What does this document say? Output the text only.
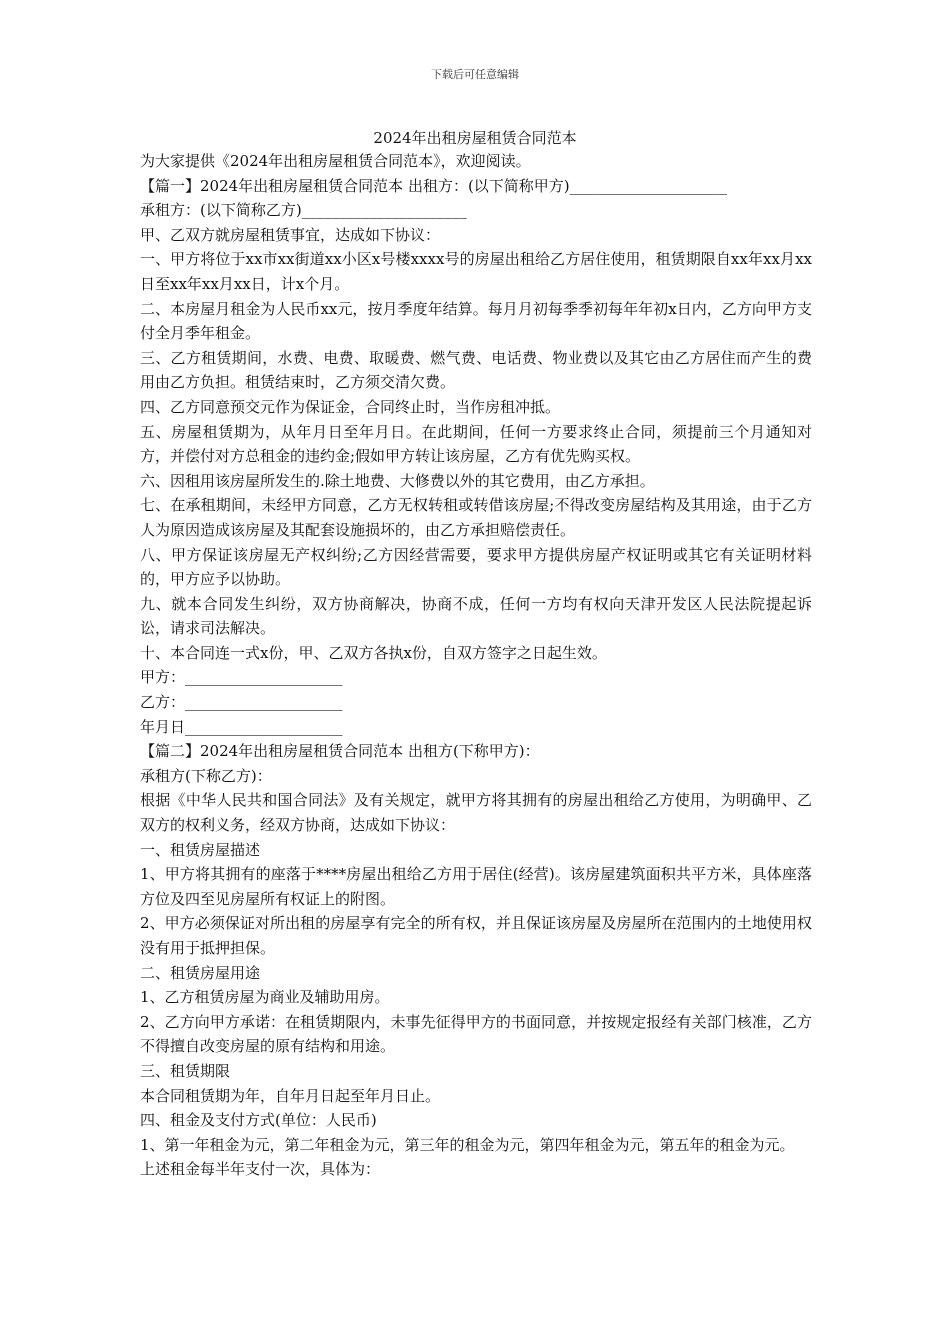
下载后可任意编辑
2024年出租房屋租赁合同范本

为大家提供《2024年出租房屋租赁合同范本》，欢迎阅读。

【篇一】2024年出租房屋租赁合同范本 出租方：(以下简称甲方)_____________________

承租方：(以下简称乙方)______________________

甲、乙双方就房屋租赁事宜，达成如下协议：

一、甲方将位于xx市xx街道xx小区x号楼xxxx号的房屋出租给乙方居住使用，租赁期限自xx年xx月xx日至xx年xx月xx日，计x个月。

二、本房屋月租金为人民币xx元，按月季度年结算。每月月初每季季初每年年初x日内，乙方向甲方支付全月季年租金。

三、乙方租赁期间，水费、电费、取暖费、燃气费、电话费、物业费以及其它由乙方居住而产生的费用由乙方负担。租赁结束时，乙方须交清欠费。

四、乙方同意预交元作为保证金，合同终止时，当作房租冲抵。

五、房屋租赁期为，从年月日至年月日。在此期间，任何一方要求终止合同，须提前三个月通知对方，并偿付对方总租金的违约金;假如甲方转让该房屋，乙方有优先购买权。

六、因租用该房屋所发生的.除土地费、大修费以外的其它费用，由乙方承担。

七、在承租期间，未经甲方同意，乙方无权转租或转借该房屋;不得改变房屋结构及其用途，由于乙方人为原因造成该房屋及其配套设施损坏的，由乙方承担赔偿责任。

八、甲方保证该房屋无产权纠纷;乙方因经营需要，要求甲方提供房屋产权证明或其它有关证明材料的，甲方应予以协助。

九、就本合同发生纠纷，双方协商解决，协商不成，任何一方均有权向天津开发区人民法院提起诉讼，请求司法解决。

十、本合同连一式x份，甲、乙双方各执x份，自双方签字之日起生效。

甲方：_____________________

乙方：_____________________

年月日_____________________

【篇二】2024年出租房屋租赁合同范本 出租方(下称甲方)：

承租方(下称乙方)：

根据《中华人民共和国合同法》及有关规定，就甲方将其拥有的房屋出租给乙方使用，为明确甲、乙双方的权利义务，经双方协商，达成如下协议：

一、租赁房屋描述

1、甲方将其拥有的座落于****房屋出租给乙方用于居住(经营)。该房屋建筑面积共平方米，具体座落方位及四至见房屋所有权证上的附图。

2、甲方必须保证对所出租的房屋享有完全的所有权，并且保证该房屋及房屋所在范围内的土地使用权没有用于抵押担保。

二、租赁房屋用途

1、乙方租赁房屋为商业及辅助用房。

2、乙方向甲方承诺：在租赁期限内，未事先征得甲方的书面同意，并按规定报经有关部门核准，乙方不得擅自改变房屋的原有结构和用途。

三、租赁期限

本合同租赁期为年，自年月日起至年月日止。

四、租金及支付方式(单位：人民币)

1、第一年租金为元，第二年租金为元，第三年的租金为元，第四年租金为元，第五年的租金为元。

上述租金每半年支付一次，具体为：
